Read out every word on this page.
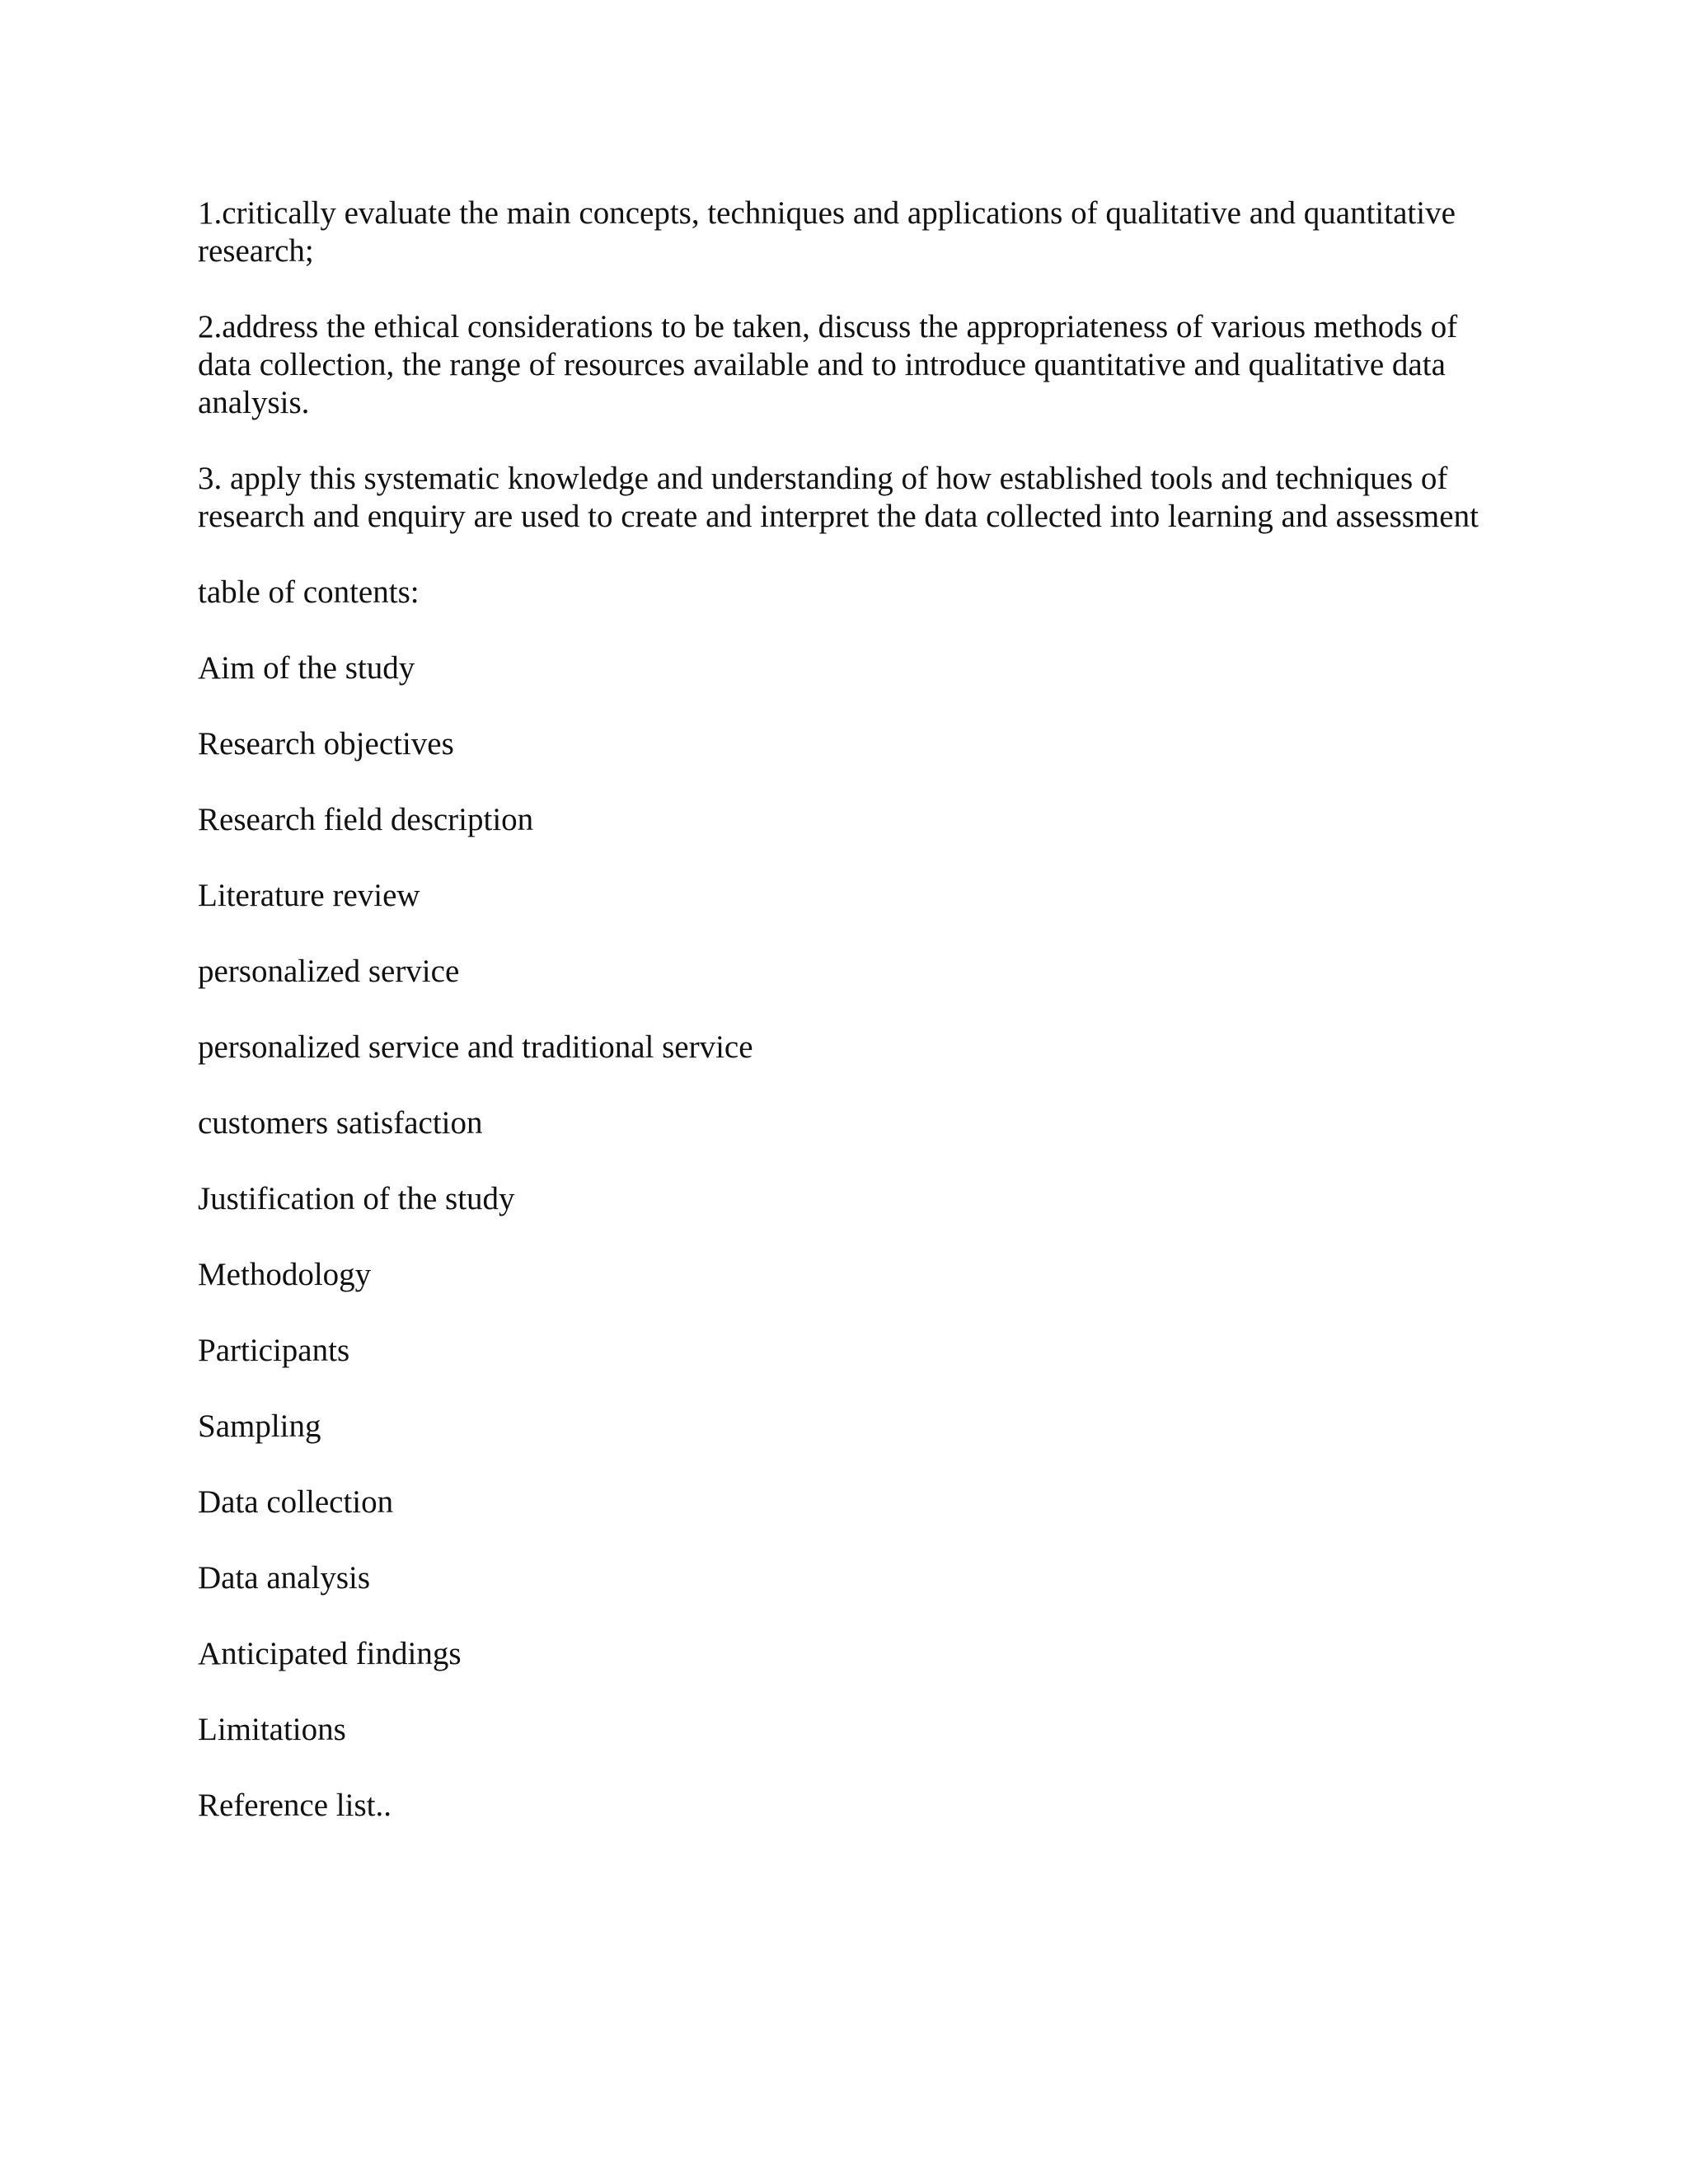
1.critically evaluate the main concepts, techniques and applications of qualitative and quantitative research;

2.address the ethical considerations to be taken, discuss the appropriateness of various methods of data collection, the range of resources available and to introduce quantitative and qualitative data analysis.

3. apply this systematic knowledge and understanding of how established tools and techniques of research and enquiry are used to create and interpret the data collected into learning and assessment

table of contents:

Aim of the study
Research objectives
Research field description
Literature review
personalized service
personalized service and traditional service
customers satisfaction
Justification of the study
Methodology
Participants
Sampling
Data collection
Data analysis
Anticipated findings
Limitations
Reference list..
